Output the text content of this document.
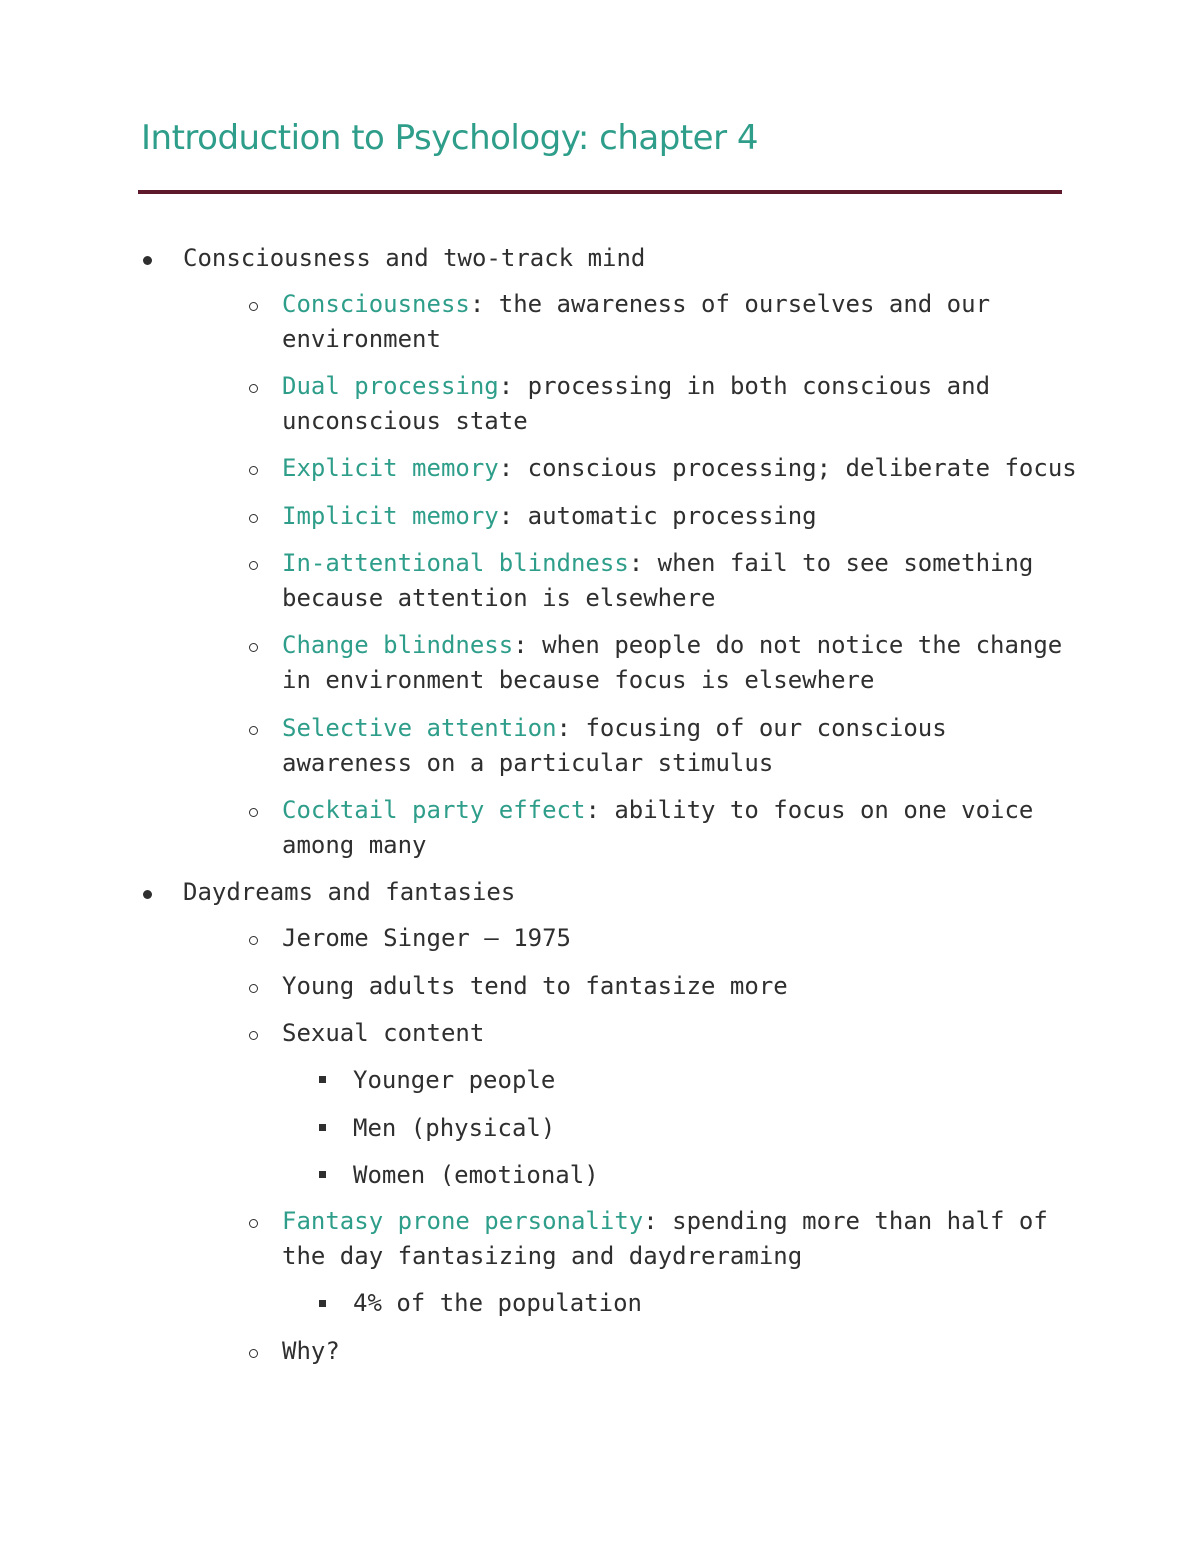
Introduction to Psychology: chapter 4
Consciousness and two-track mind
Consciousness: the awareness of ourselves and our
environment
Dual processing: processing in both conscious and
unconscious state
Explicit memory: conscious processing; deliberate focus
Implicit memory: automatic processing
In-attentional blindness: when fail to see something
because attention is elsewhere
Change blindness: when people do not notice the change
in environment because focus is elsewhere
Selective attention: focusing of our conscious
awareness on a particular stimulus
Cocktail party effect: ability to focus on one voice
among many
Daydreams and fantasies
Jerome Singer – 1975
Young adults tend to fantasize more
Sexual content
Younger people
Men (physical)
Women (emotional)
Fantasy prone personality: spending more than half of
the day fantasizing and daydreraming
4% of the population
Why?
